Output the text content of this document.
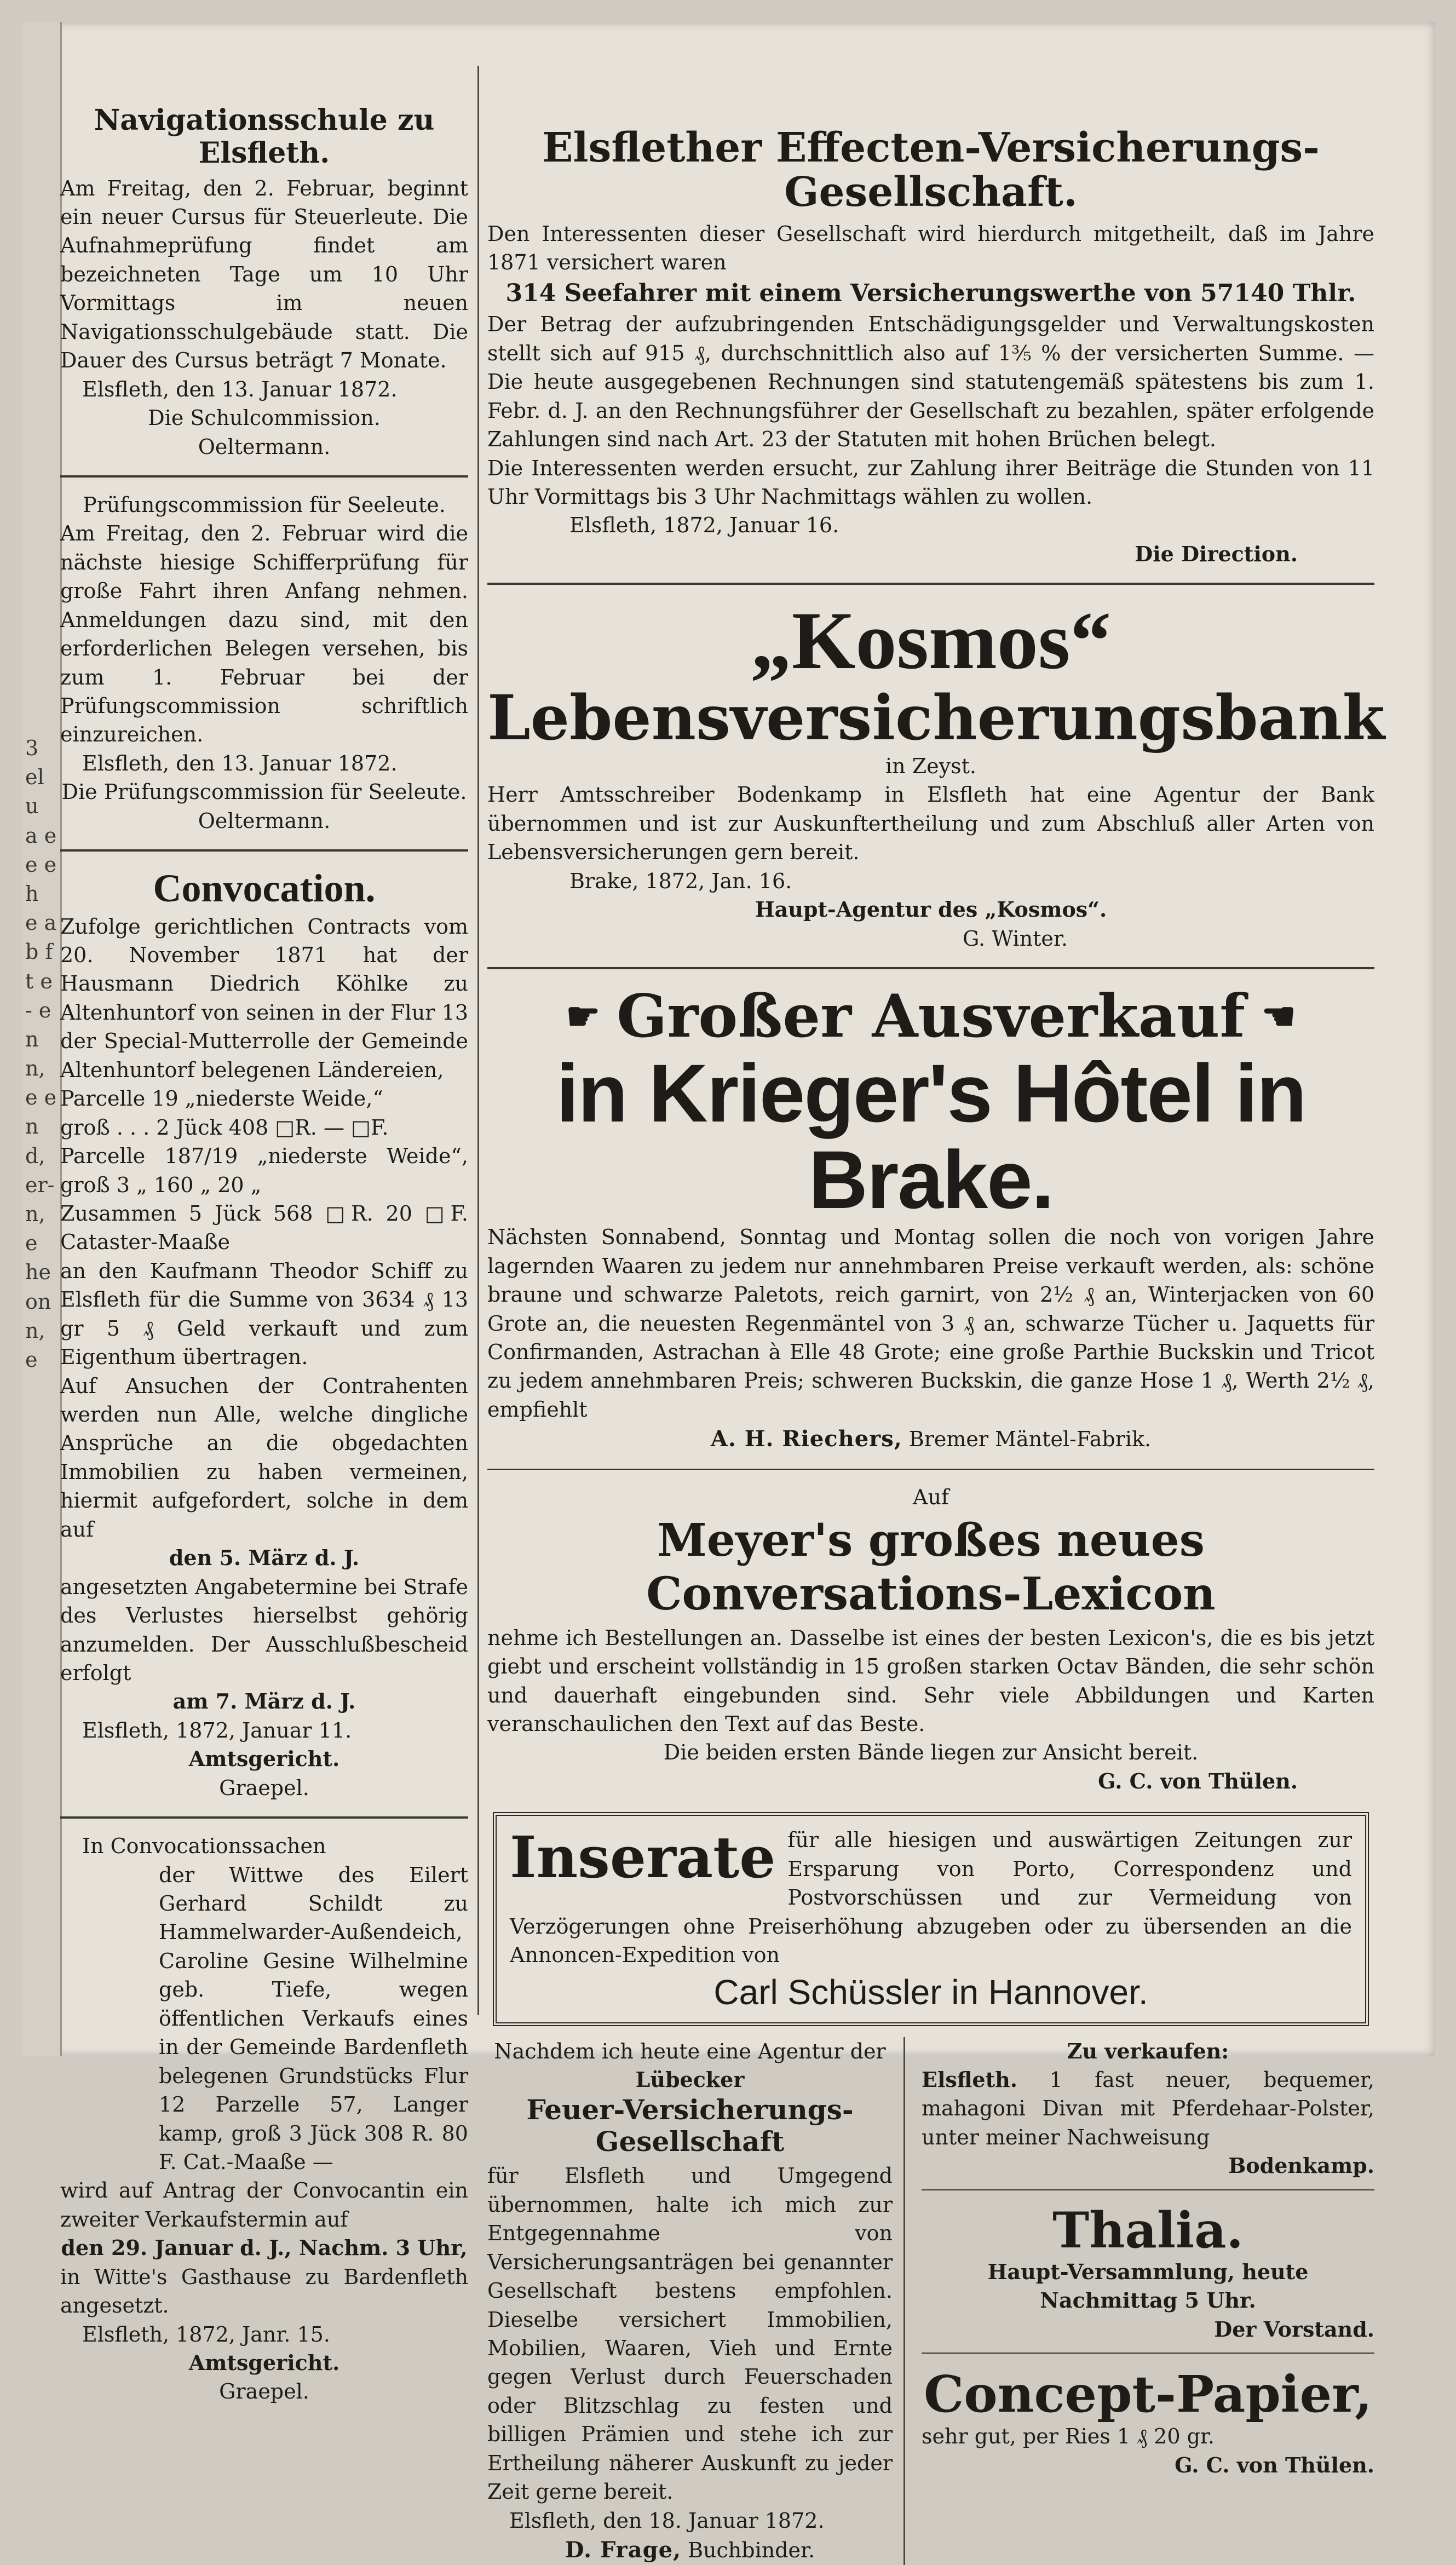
3 el u a e e e h e ab ft e- en n, e e nd, er- n, e he on n, e
Navigationsschule zu Elsfleth.

Am Freitag, den 2. Februar, beginnt ein neuer Cursus für Steuerleute. Die Aufnahmeprüfung findet am bezeichneten Tage um 10 Uhr Vormittags im neuen Navigationsschulgebäude statt. Die Dauer des Cursus beträgt 7 Monate.

Elsfleth, den 13. Januar 1872.

Die Schulcommission.

Oeltermann.

Prüfungscommission für Seeleute.

Am Freitag, den 2. Februar wird die nächste hiesige Schifferprüfung für große Fahrt ihren Anfang nehmen. Anmeldungen dazu sind, mit den erforderlichen Belegen versehen, bis zum 1. Februar bei der Prüfungscommission schriftlich einzureichen.

Elsfleth, den 13. Januar 1872.

Die Prüfungscommission für Seeleute.

Oeltermann.

Convocation.

Zufolge gerichtlichen Contracts vom 20. November 1871 hat der Hausmann Diedrich Köhlke zu Altenhuntorf von seinen in der Flur 13 der Special-Mutterrolle der Gemeinde Altenhuntorf belegenen Ländereien,

Parcelle 19 „niederste Weide,“

groß . . . 2 Jück 408 □R. — □F.

Parcelle 187/19 „niederste Weide“, groß 3 „ 160 „ 20 „

Zusammen 5 Jück 568 □R. 20 □F. Cataster-Maaße

an den Kaufmann Theodor Schiff zu Elsfleth für die Summe von 3634 ₰ 13 gr 5 ₰ Geld verkauft und zum Eigenthum übertragen.

Auf Ansuchen der Contrahenten werden nun Alle, welche dingliche Ansprüche an die obgedachten Immobilien zu haben vermeinen, hiermit aufgefordert, solche in dem auf

den 5. März d. J.

angesetzten Angabetermine bei Strafe des Verlustes hierselbst gehörig anzumelden. Der Ausschlußbescheid erfolgt

am 7. März d. J.

Elsfleth, 1872, Januar 11.

Amtsgericht.

Graepel.

In Convocationssachen

der Wittwe des Eilert Gerhard Schildt zu Hammelwarder-Außendeich, Caroline Gesine Wilhelmine geb. Tiefe, wegen öffentlichen Verkaufs eines in der Gemeinde Bardenfleth belegenen Grundstücks Flur 12 Parzelle 57, Langer kamp, groß 3 Jück 308 R. 80 F. Cat.-Maaße —

wird auf Antrag der Convocantin ein zweiter Verkaufstermin auf

den 29. Januar d. J., Nachm. 3 Uhr,

in Witte's Gasthause zu Bardenfleth angesetzt.

Elsfleth, 1872, Janr. 15.

Amtsgericht.

Graepel.

Elsflether Effecten-Versicherungs-Gesellschaft.

Den Interessenten dieser Gesellschaft wird hierdurch mitgetheilt, daß im Jahre 1871 versichert waren

314 Seefahrer mit einem Versicherungswerthe von 57140 Thlr.

Der Betrag der aufzubringenden Entschädigungsgelder und Verwaltungskosten stellt sich auf 915 ₰, durchschnittlich also auf 1³⁄₅ % der versicherten Summe. — Die heute ausgegebenen Rechnungen sind statutengemäß spätestens bis zum 1. Febr. d. J. an den Rechnungsführer der Gesellschaft zu bezahlen, später erfolgende Zahlungen sind nach Art. 23 der Statuten mit hohen Brüchen belegt.

Die Interessenten werden ersucht, zur Zahlung ihrer Beiträge die Stunden von 11 Uhr Vormittags bis 3 Uhr Nachmittags wählen zu wollen.

Elsfleth, 1872, Januar 16.

Die Direction.

„Kosmos“
Lebensversicherungsbank

in Zeyst.

Herr Amtsschreiber Bodenkamp in Elsfleth hat eine Agentur der Bank übernommen und ist zur Auskunftertheilung und zum Abschluß aller Arten von Lebensversicherungen gern bereit.

Brake, 1872, Jan. 16.

Haupt-Agentur des „Kosmos“.

G. Winter.

☛ Großer Ausverkauf ☚
in Krieger's Hôtel in Brake.

Nächsten Sonnabend, Sonntag und Montag sollen die noch von vorigen Jahre lagernden Waaren zu jedem nur annehmbaren Preise verkauft werden, als: schöne braune und schwarze Paletots, reich garnirt, von 2½ ₰ an, Winterjacken von 60 Grote an, die neuesten Regenmäntel von 3 ₰ an, schwarze Tücher u. Jaquetts für Confirmanden, Astrachan à Elle 48 Grote; eine große Parthie Buckskin und Tricot zu jedem annehmbaren Preis; schweren Buckskin, die ganze Hose 1 ₰, Werth 2½ ₰, empfiehlt

A. H. Riechers, Bremer Mäntel-Fabrik.

Auf

Meyer's großes neues Conversations-Lexicon

nehme ich Bestellungen an. Dasselbe ist eines der besten Lexicon's, die es bis jetzt giebt und erscheint vollständig in 15 großen starken Octav Bänden, die sehr schön und dauerhaft eingebunden sind. Sehr viele Abbildungen und Karten veranschaulichen den Text auf das Beste.

Die beiden ersten Bände liegen zur Ansicht bereit.

G. C. von Thülen.

Inserate für alle hiesigen und auswärtigen Zeitungen zur Ersparung von Porto, Correspondenz und Postvorschüssen und zur Vermeidung von Verzögerungen ohne Preiserhöhung abzugeben oder zu übersenden an die Annoncen-Expedition von

Carl Schüssler in Hannover.

Nachdem ich heute eine Agentur der

Lübecker

Feuer-Versicherungs-Gesellschaft

für Elsfleth und Umgegend übernommen, halte ich mich zur Entgegennahme von Versicherungsanträgen bei genannter Gesellschaft bestens empfohlen. Dieselbe versichert Immobilien, Mobilien, Waaren, Vieh und Ernte gegen Verlust durch Feuerschaden oder Blitzschlag zu festen und billigen Prämien und stehe ich zur Ertheilung näherer Auskunft zu jeder Zeit gerne bereit.

Elsfleth, den 18. Januar 1872.

D. Frage, Buchbinder.

Zu verkaufen:

Elsfleth. 1 fast neuer, bequemer, mahagoni Divan mit Pferdehaar-Polster, unter meiner Nachweisung

Bodenkamp.

Thalia.

Haupt-Versammlung, heute Nachmittag 5 Uhr.

Der Vorstand.

Concept-Papier,

sehr gut, per Ries 1 ₰ 20 gr.

G. C. von Thülen.
